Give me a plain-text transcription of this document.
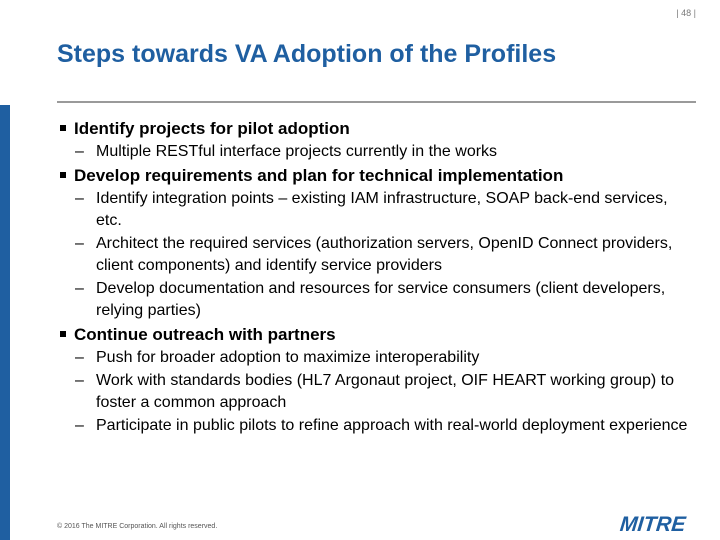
| 48 |
Steps towards VA Adoption of the Profiles
Identify projects for pilot adoption
– Multiple RESTful interface projects currently in the works
Develop requirements and plan for technical implementation
– Identify integration points – existing IAM infrastructure, SOAP back-end services, etc.
– Architect the required services (authorization servers, OpenID Connect providers, client components) and identify service providers
– Develop documentation and resources for service consumers (client developers, relying parties)
Continue outreach with partners
– Push for broader adoption to maximize interoperability
– Work with standards bodies (HL7 Argonaut project, OIF HEART working group) to foster a common approach
– Participate in public pilots to refine approach with real-world deployment experience
© 2016 The MITRE Corporation. All rights reserved.	MITRE
